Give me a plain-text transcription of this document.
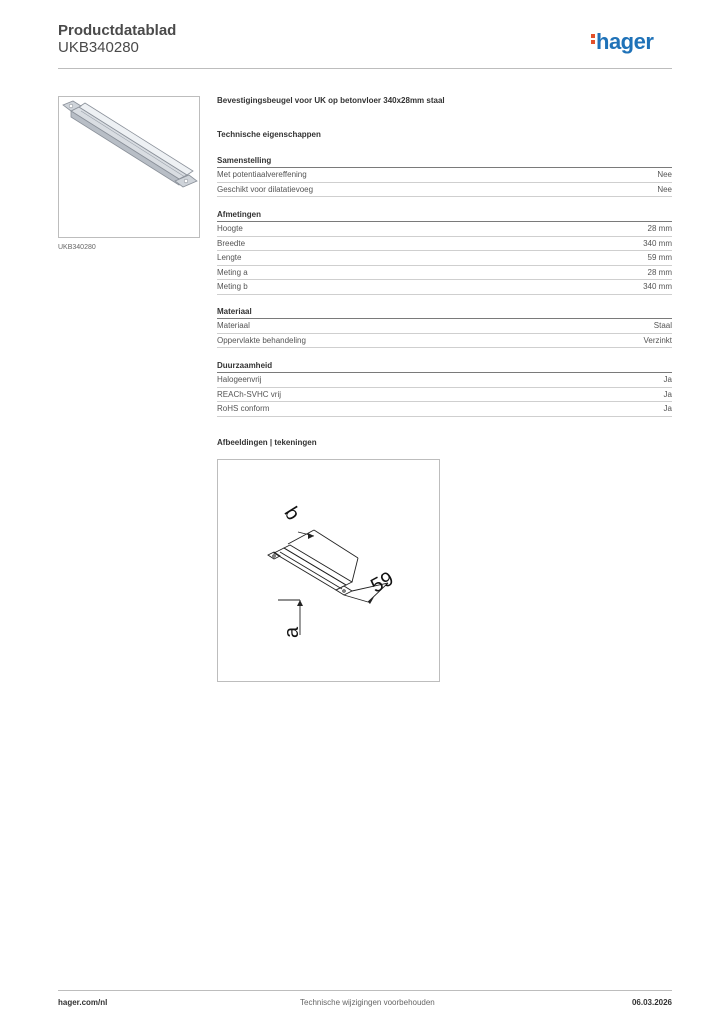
Productdatablad
UKB340280	hager
UKB340280
Bevestigingsbeugel voor UK op betonvloer 340x28mm staal
Technische eigenschappen
Samenstelling
Met potentiaalvereffening	Nee
Geschikt voor dilatatievoeg	Nee
Afmetingen
Hoogte	28 mm
Breedte	340 mm
Lengte	59 mm
Meting a	28 mm
Meting b	340 mm
Materiaal
Materiaal	Staal
Oppervlakte behandeling	Verzinkt
Duurzaamheid
Halogeenvrij	Ja
REACh-SVHC vrij	Ja
RoHS conform	Ja
Afbeeldingen | tekeningen
b
59
a
hager.com/nl	Technische wijzigingen voorbehouden	06.03.2026
